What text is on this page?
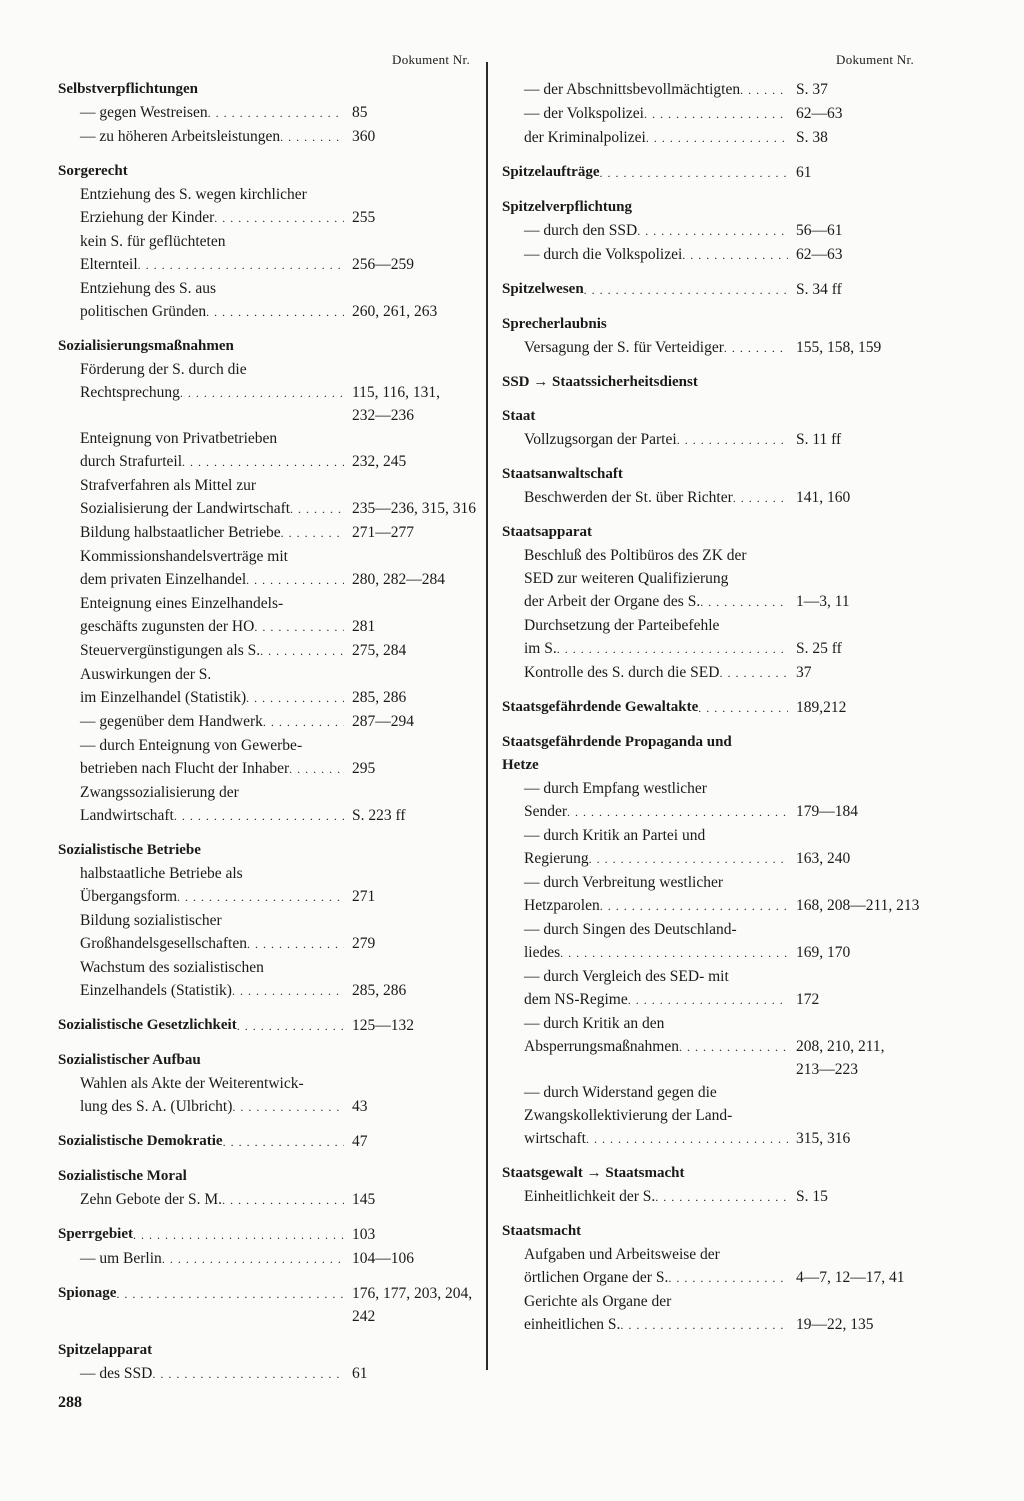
Dokument Nr.
Selbstverpflichtungen
— gegen Westreisen . . .	85
— zu höheren Arbeitsleistungen . . .	360
Sorgerecht
Entziehung des S. wegen kirchlicher
Erziehung der Kinder . . .	255
kein S. für geflüchteten
Elternteil . . .	256—259
Entziehung des S. aus
politischen Gründen . . .	260, 261, 263
Sozialisierungsmaßnahmen
Förderung der S. durch die
Rechtsprechung . . .	115, 116, 131,
232—236
Enteignung von Privatbetrieben
durch Strafurteil . . .	232, 245
Strafverfahren als Mittel zur
Sozialisierung der Landwirtschaft . . .	235—236, 315, 316
Bildung halbstaatlicher Betriebe . . .	271—277
Kommissionshandelsverträge mit
dem privaten Einzelhandel . . .	280, 282—284
Enteignung eines Einzelhandels-
geschäfts zugunsten der HO . . .	281
Steuervergünstigungen als S. . . .	275, 284
Auswirkungen der S.
im Einzelhandel (Statistik) . . .	285, 286
— gegenüber dem Handwerk . . .	287—294
— durch Enteignung von Gewerbe-
betrieben nach Flucht der Inhaber . . .	295
Zwangssozialisierung der
Landwirtschaft . . .	S. 223 ff
Sozialistische Betriebe
halbstaatliche Betriebe als
Übergangsform . . .	271
Bildung sozialistischer
Großhandelsgesellschaften . . .	279
Wachstum des sozialistischen
Einzelhandels (Statistik) . . .	285, 286
Sozialistische Gesetzlichkeit . . .	125—132
Sozialistischer Aufbau
Wahlen als Akte der Weiterentwick-
lung des S. A. (Ulbricht) . . .	43
Sozialistische Demokratie . . .	47
Sozialistische Moral
Zehn Gebote der S. M. . . .	145
Sperrgebiet . . .	103
— um Berlin . . .	104—106
Spionage . . .	176, 177, 203, 204,
242
Spitzelapparat
— des SSD . . .	61
Dokument Nr.
— der Abschnittsbevollmächtigten . . .	S. 37
— der Volkspolizei . . .	62—63
der Kriminalpolizei . . .	S. 38
Spitzelaufträge . . .	61
Spitzelverpflichtung
— durch den SSD . . .	56—61
— durch die Volkspolizei . . .	62—63
Spitzelwesen . . .	S. 34 ff
Sprecherlaubnis
Versagung der S. für Verteidiger . . .	155, 158, 159
SSD → Staatssicherheitsdienst
Staat
Vollzugsorgan der Partei . . .	S. 11 ff
Staatsanwaltschaft
Beschwerden der St. über Richter . . .	141, 160
Staatsapparat
Beschluß des Poltibüros des ZK der
SED zur weiteren Qualifizierung
der Arbeit der Organe des S. . . .	1—3, 11
Durchsetzung der Parteibefehle
im S. . . .	S. 25 ff
Kontrolle des S. durch die SED . . .	37
Staatsgefährdende Gewaltakte . . .	189,212
Staatsgefährdende Propaganda und
Hetze
— durch Empfang westlicher
Sender . . .	179—184
— durch Kritik an Partei und
Regierung . . .	163, 240
— durch Verbreitung westlicher
Hetzparolen . . .	168, 208—211, 213
— durch Singen des Deutschland-
liedes . . .	169, 170
— durch Vergleich des SED- mit
dem NS-Regime . . .	172
— durch Kritik an den
Absperrungsmaßnahmen . . .	208, 210, 211,
213—223
— durch Widerstand gegen die
Zwangskollektivierung der Land-
wirtschaft . . .	315, 316
Staatsgewalt → Staatsmacht
Einheitlichkeit der S. . . .	S. 15
Staatsmacht
Aufgaben und Arbeitsweise der
örtlichen Organe der S. . . .	4—7, 12—17, 41
Gerichte als Organe der
einheitlichen S. . . .	19—22, 135
288
